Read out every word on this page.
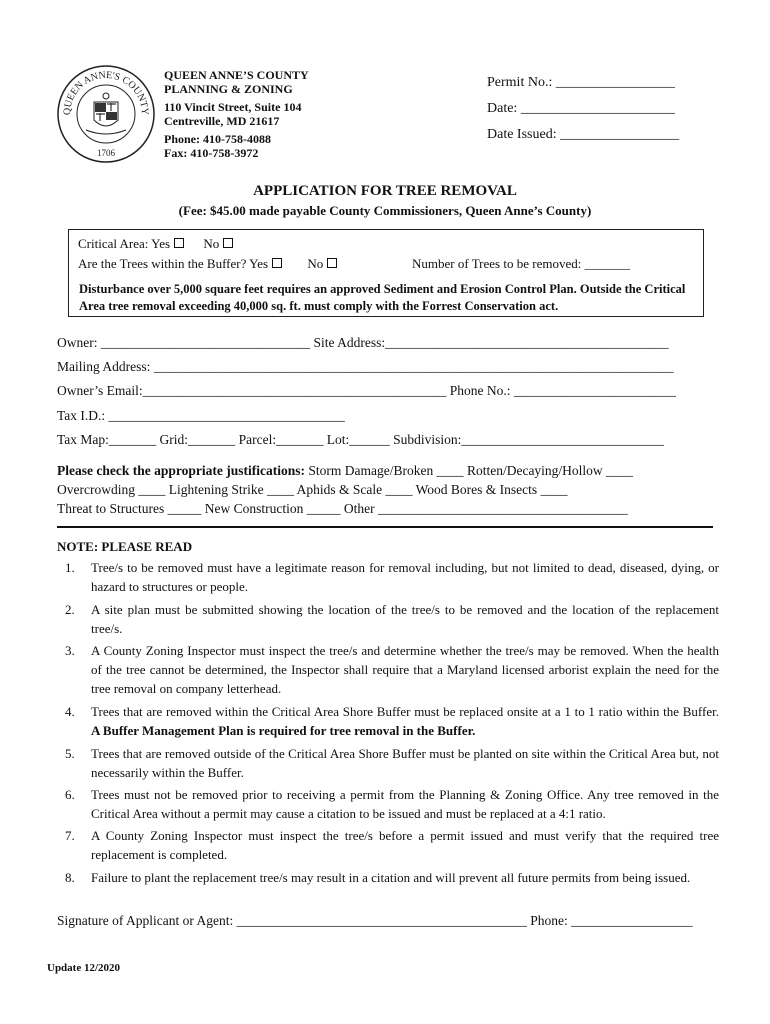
QUEEN ANNE'S COUNTY
1706
QUEEN ANNE’S COUNTY
PLANNING & ZONING
110 Vincit Street, Suite 104
Centreville, MD 21617
Phone: 410-758-4088
Fax: 410-758-3972
Permit No.: _________________
Date: ______________________
Date Issued: _________________
APPLICATION FOR TREE REMOVAL
(Fee: $45.00 made payable County Commissioners, Queen Anne’s County)
Critical Area: Yes	No
Are the Trees within the Buffer? Yes	No	Number of Trees to be removed: _______
Disturbance over 5,000 square feet requires an approved Sediment and Erosion Control Plan. Outside the Critical Area tree removal exceeding 40,000 sq. ft. must comply with the Forrest Conservation act.
Owner: _______________________________ Site Address:__________________________________________
Mailing Address: _____________________________________________________________________________
Owner’s Email:_____________________________________________ Phone No.: ________________________
Tax I.D.: ___________________________________
Tax Map:_______ Grid:_______ Parcel:_______ Lot:______ Subdivision:______________________________
Please check the appropriate justifications: Storm Damage/Broken ____ Rotten/Decaying/Hollow ____
Overcrowding ____ Lightening Strike ____ Aphids & Scale ____ Wood Bores & Insects ____
Threat to Structures _____ New Construction _____ Other _____________________________________
NOTE: PLEASE READ
1. Tree/s to be removed must have a legitimate reason for removal including, but not limited to dead, diseased, dying, or hazard to structures or people.
2. A site plan must be submitted showing the location of the tree/s to be removed and the location of the replacement tree/s.
3. A County Zoning Inspector must inspect the tree/s and determine whether the tree/s may be removed. When the health of the tree cannot be determined, the Inspector shall require that a Maryland licensed arborist explain the need for the tree removal on company letterhead.
4. Trees that are removed within the Critical Area Shore Buffer must be replaced onsite at a 1 to 1 ratio within the Buffer. A Buffer Management Plan is required for tree removal in the Buffer.
5. Trees that are removed outside of the Critical Area Shore Buffer must be planted on site within the Critical Area but, not necessarily within the Buffer.
6. Trees must not be removed prior to receiving a permit from the Planning & Zoning Office. Any tree removed in the Critical Area without a permit may cause a citation to be issued and must be replaced at a 4:1 ratio.
7. A County Zoning Inspector must inspect the tree/s before a permit issued and must verify that the required tree replacement is completed.
8. Failure to plant the replacement tree/s may result in a citation and will prevent all future permits from being issued.
Signature of Applicant or Agent: ___________________________________________ Phone: __________________
Update 12/2020
